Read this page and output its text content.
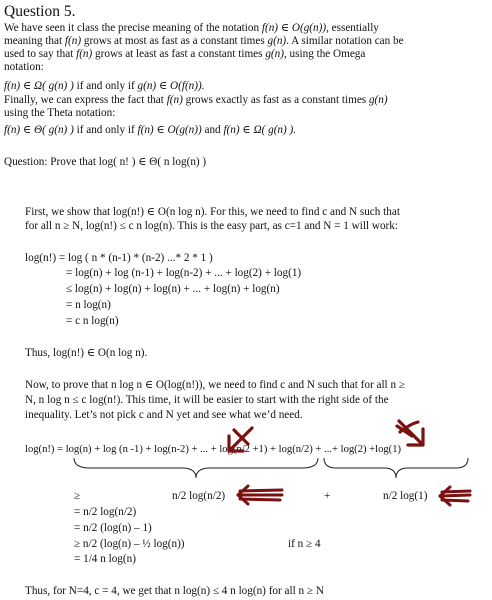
Question 5.
We have seen it class the precise meaning of the notation f(n) ∈ O(g(n)), essentially
meaning that f(n) grows at most as fast as a constant times g(n). A similar notation can be
used to say that f(n) grows at least as fast a constant times g(n), using the Omega
notation:
f(n) ∈ Ω( g(n) ) if and only if g(n) ∈ O(f(n)).
Finally, we can express the fact that f(n) grows exactly as fast as a constant times g(n)
using the Theta notation:
f(n) ∈ Θ( g(n) ) if and only if f(n) ∈ O(g(n)) and f(n) ∈ Ω( g(n) ).
Question: Prove that log( n! ) ∈ Θ( n log(n) )
First, we show that log(n!) ∈ O(n log n). For this, we need to find c and N such that
for all n ≥ N, log(n!) ≤ c n log(n). This is the easy part, as c=1 and N = 1 will work:
log(n!) = log ( n * (n-1) * (n-2) ...* 2 * 1 )
= log(n) + log (n-1) + log(n-2) + ... + log(2) + log(1)
≤ log(n) + log(n) + log(n) + ... + log(n) + log(n)
= n log(n)
= c n log(n)
Thus, log(n!) ∈ O(n log n).
Now, to prove that n log n ∈ O(log(n!)), we need to find c and N such that for all n ≥
N, n log n ≤ c log(n!). This time, it will be easier to start with the right side of the
inequality. Let’s not pick c and N yet and see what we’d need.
log(n!) = log(n) + log (n -1) + log(n-2) + ... + log(n/2 +1) + log(n/2) + ...+ log(2) +log(1)
≥	n/2 log(n/2)	+	n/2 log(1)
= n/2 log(n/2)
= n/2 (log(n) – 1)
≥ n/2 (log(n) – ½ log(n))	if n ≥ 4
= 1/4 n log(n)
Thus, for N=4, c = 4, we get that n log(n) ≤ 4 n log(n) for all n ≥ N
